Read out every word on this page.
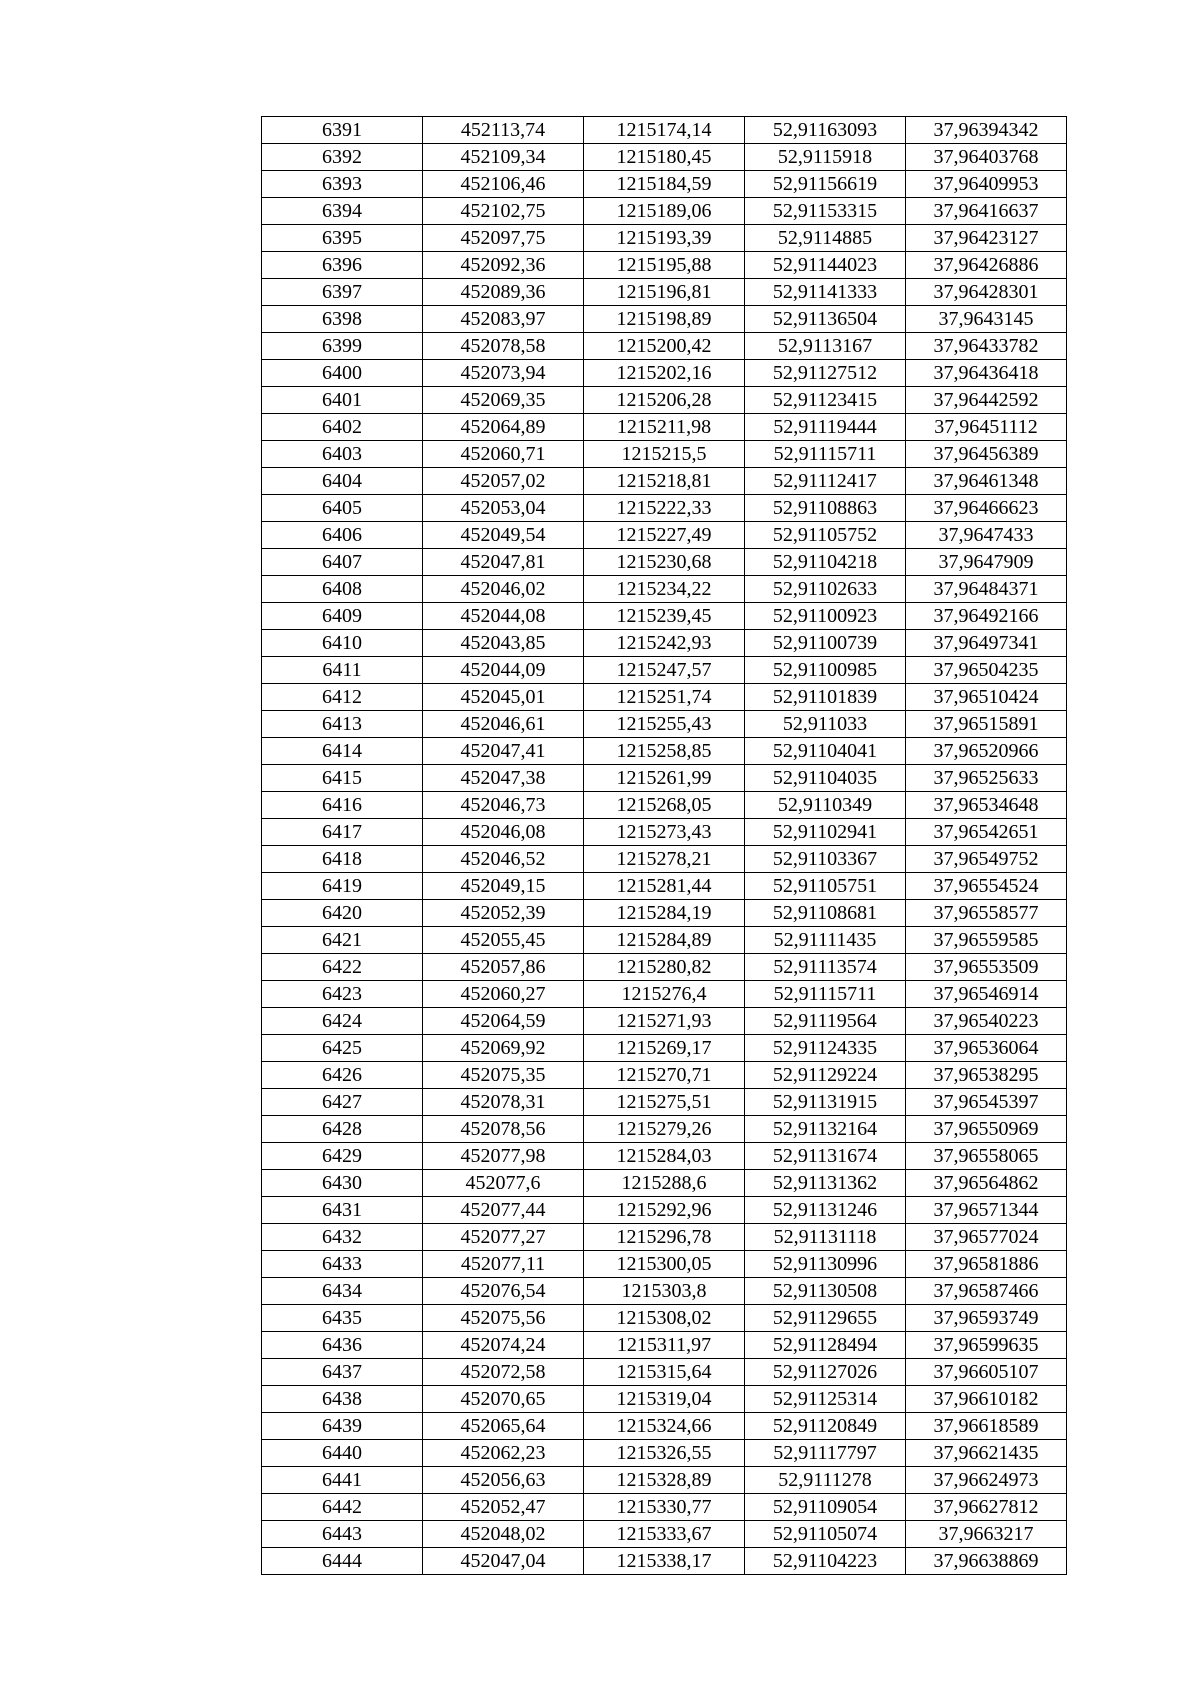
6391	452113,74	1215174,14	52,91163093	37,96394342
6392	452109,34	1215180,45	52,9115918	37,96403768
6393	452106,46	1215184,59	52,91156619	37,96409953
6394	452102,75	1215189,06	52,91153315	37,96416637
6395	452097,75	1215193,39	52,9114885	37,96423127
6396	452092,36	1215195,88	52,91144023	37,96426886
6397	452089,36	1215196,81	52,91141333	37,96428301
6398	452083,97	1215198,89	52,91136504	37,9643145
6399	452078,58	1215200,42	52,9113167	37,96433782
6400	452073,94	1215202,16	52,91127512	37,96436418
6401	452069,35	1215206,28	52,91123415	37,96442592
6402	452064,89	1215211,98	52,91119444	37,96451112
6403	452060,71	1215215,5	52,91115711	37,96456389
6404	452057,02	1215218,81	52,91112417	37,96461348
6405	452053,04	1215222,33	52,91108863	37,96466623
6406	452049,54	1215227,49	52,91105752	37,9647433
6407	452047,81	1215230,68	52,91104218	37,9647909
6408	452046,02	1215234,22	52,91102633	37,96484371
6409	452044,08	1215239,45	52,91100923	37,96492166
6410	452043,85	1215242,93	52,91100739	37,96497341
6411	452044,09	1215247,57	52,91100985	37,96504235
6412	452045,01	1215251,74	52,91101839	37,96510424
6413	452046,61	1215255,43	52,911033	37,96515891
6414	452047,41	1215258,85	52,91104041	37,96520966
6415	452047,38	1215261,99	52,91104035	37,96525633
6416	452046,73	1215268,05	52,9110349	37,96534648
6417	452046,08	1215273,43	52,91102941	37,96542651
6418	452046,52	1215278,21	52,91103367	37,96549752
6419	452049,15	1215281,44	52,91105751	37,96554524
6420	452052,39	1215284,19	52,91108681	37,96558577
6421	452055,45	1215284,89	52,91111435	37,96559585
6422	452057,86	1215280,82	52,91113574	37,96553509
6423	452060,27	1215276,4	52,91115711	37,96546914
6424	452064,59	1215271,93	52,91119564	37,96540223
6425	452069,92	1215269,17	52,91124335	37,96536064
6426	452075,35	1215270,71	52,91129224	37,96538295
6427	452078,31	1215275,51	52,91131915	37,96545397
6428	452078,56	1215279,26	52,91132164	37,96550969
6429	452077,98	1215284,03	52,91131674	37,96558065
6430	452077,6	1215288,6	52,91131362	37,96564862
6431	452077,44	1215292,96	52,91131246	37,96571344
6432	452077,27	1215296,78	52,91131118	37,96577024
6433	452077,11	1215300,05	52,91130996	37,96581886
6434	452076,54	1215303,8	52,91130508	37,96587466
6435	452075,56	1215308,02	52,91129655	37,96593749
6436	452074,24	1215311,97	52,91128494	37,96599635
6437	452072,58	1215315,64	52,91127026	37,96605107
6438	452070,65	1215319,04	52,91125314	37,96610182
6439	452065,64	1215324,66	52,91120849	37,96618589
6440	452062,23	1215326,55	52,91117797	37,96621435
6441	452056,63	1215328,89	52,9111278	37,96624973
6442	452052,47	1215330,77	52,91109054	37,96627812
6443	452048,02	1215333,67	52,91105074	37,9663217
6444	452047,04	1215338,17	52,91104223	37,96638869
